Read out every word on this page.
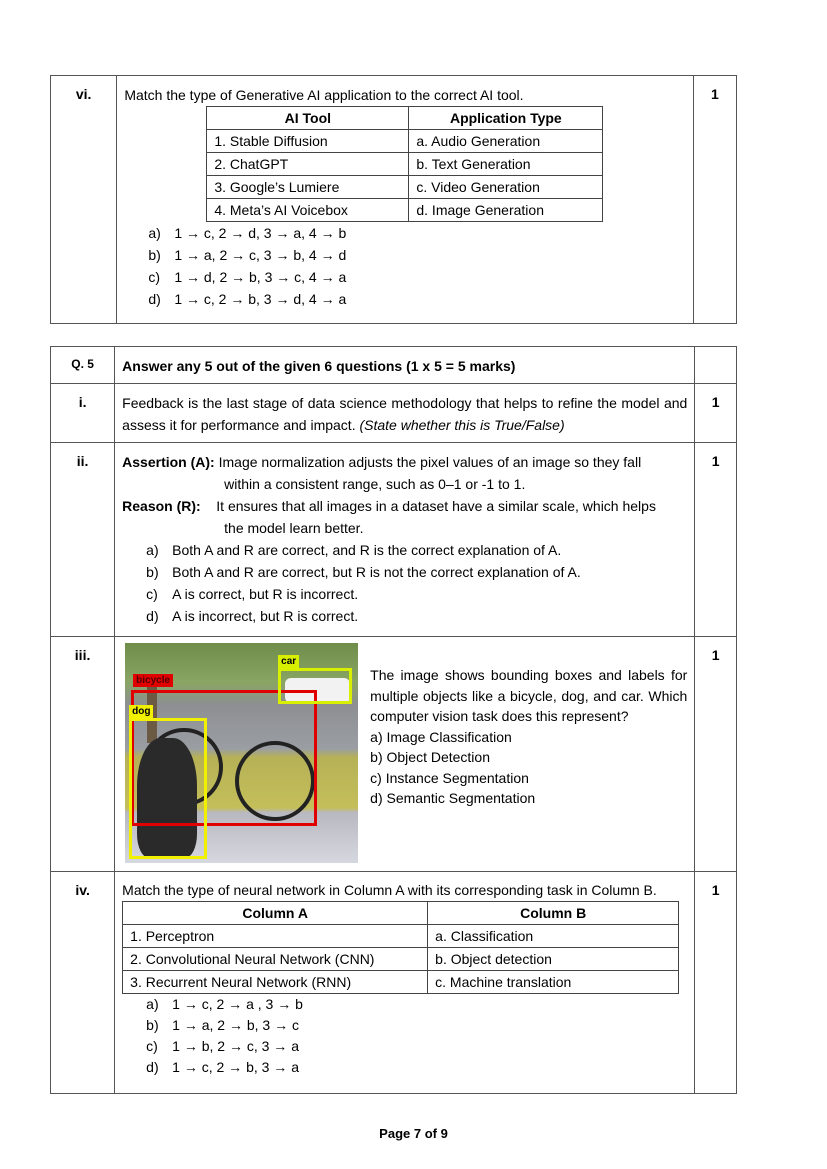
vi.	Match the type of Generative AI application to the correct AI tool.
AI Tool	Application Type
1. Stable Diffusion	a. Audio Generation
2. ChatGPT	b. Text Generation
3. Google’s Lumiere	c. Video Generation
4. Meta’s AI Voicebox	d. Image Generation
a) 1 → c, 2 → d, 3 → a, 4 → b
b) 1 → a, 2 → c, 3 → b, 4 → d
c) 1 → d, 2 → b, 3 → c, 4 → a
d) 1 → c, 2 → b, 3 → d, 4 → a
	1
Q. 5	Answer any 5 out of the given 6 questions (1 x 5 = 5 marks)	
i.	Feedback is the last stage of data science methodology that helps to refine the model and assess it for performance and impact. (State whether this is True/False)	1
ii.	Assertion (A): Image normalization adjusts the pixel values of an image so they fall
within a consistent range, such as 0–1 or -1 to 1.
Reason (R): It ensures that all images in a dataset have a similar scale, which helps
the model learn better.
a) Both A and R are correct, and R is the correct explanation of A.
b) Both A and R are correct, but R is not the correct explanation of A.
c) A is correct, but R is incorrect.
d) A is incorrect, but R is correct.
	1
iii.	
bicycle
dog
car
The image shows bounding boxes and labels for multiple objects like a bicycle, dog, and car. Which computer vision task does this represent?
a) Image Classification
b) Object Detection
c) Instance Segmentation
d) Semantic Segmentation
	1
iv.	Match the type of neural network in Column A with its corresponding task in Column B.
Column A	Column B
1. Perceptron	a. Classification
2. Convolutional Neural Network (CNN)	b. Object detection
3. Recurrent Neural Network (RNN)	c. Machine translation
a) 1 → c, 2 → a , 3 → b
b) 1 → a, 2 → b, 3 → c
c) 1 → b, 2 → c, 3 → a
d) 1 → c, 2 → b, 3 → a
	1
Page 7 of 9
